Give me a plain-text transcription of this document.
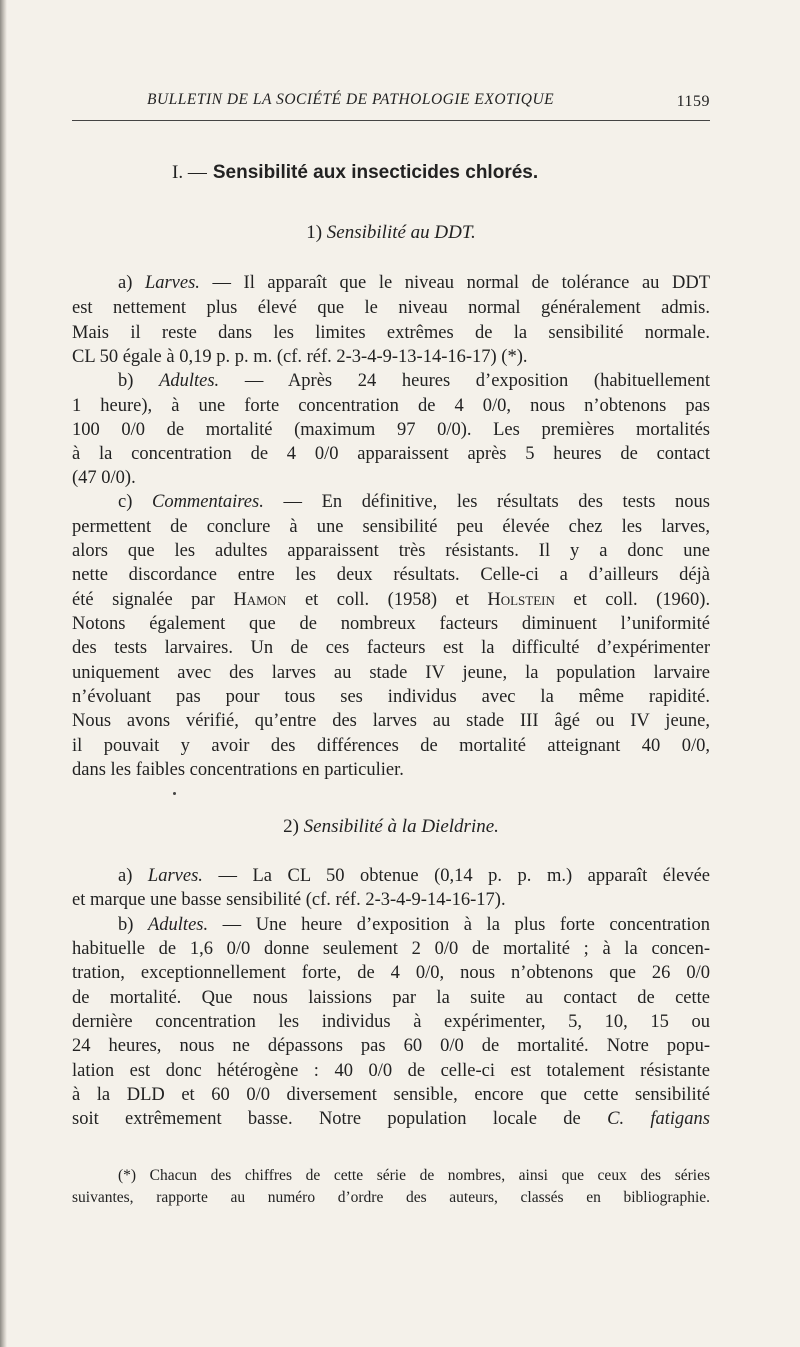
BULLETIN DE LA SOCIÉTÉ DE PATHOLOGIE EXOTIQUE	1159
I. — Sensibilité aux insecticides chlorés.
1) Sensibilité au DDT.
a) Larves. — Il apparaît que le niveau normal de tolérance au DDT
est nettement plus élevé que le niveau normal généralement admis.
Mais il reste dans les limites extrêmes de la sensibilité normale.
CL 50 égale à 0,19 p. p. m. (cf. réf. 2-3-4-9-13-14-16-17) (*).
b) Adultes. — Après 24 heures d’exposition (habituellement
1 heure), à une forte concentration de 4 0/0, nous n’obtenons pas
100 0/0 de mortalité (maximum 97 0/0). Les premières mortalités
à la concentration de 4 0/0 apparaissent après 5 heures de contact
(47 0/0).
c) Commentaires. — En définitive, les résultats des tests nous
permettent de conclure à une sensibilité peu élevée chez les larves,
alors que les adultes apparaissent très résistants. Il y a donc une
nette discordance entre les deux résultats. Celle-ci a d’ailleurs déjà
été signalée par Hamon et coll. (1958) et Holstein et coll. (1960).
Notons également que de nombreux facteurs diminuent l’uniformité
des tests larvaires. Un de ces facteurs est la difficulté d’expérimenter
uniquement avec des larves au stade IV jeune, la population larvaire
n’évoluant pas pour tous ses individus avec la même rapidité.
Nous avons vérifié, qu’entre des larves au stade III âgé ou IV jeune,
il pouvait y avoir des différences de mortalité atteignant 40 0/0,
dans les faibles concentrations en particulier.
2) Sensibilité à la Dieldrine.
a) Larves. — La CL 50 obtenue (0,14 p. p. m.) apparaît élevée
et marque une basse sensibilité (cf. réf. 2-3-4-9-14-16-17).
b) Adultes. — Une heure d’exposition à la plus forte concentration
habituelle de 1,6 0/0 donne seulement 2 0/0 de mortalité ; à la concen-
tration, exceptionnellement forte, de 4 0/0, nous n’obtenons que 26 0/0
de mortalité. Que nous laissions par la suite au contact de cette
dernière concentration les individus à expérimenter, 5, 10, 15 ou
24 heures, nous ne dépassons pas 60 0/0 de mortalité. Notre popu-
lation est donc hétérogène : 40 0/0 de celle-ci est totalement résistante
à la DLD et 60 0/0 diversement sensible, encore que cette sensibilité
soit extrêmement basse. Notre population locale de C. fatigans
(*) Chacun des chiffres de cette série de nombres, ainsi que ceux des séries
suivantes, rapporte au numéro d’ordre des auteurs, classés en bibliographie.
